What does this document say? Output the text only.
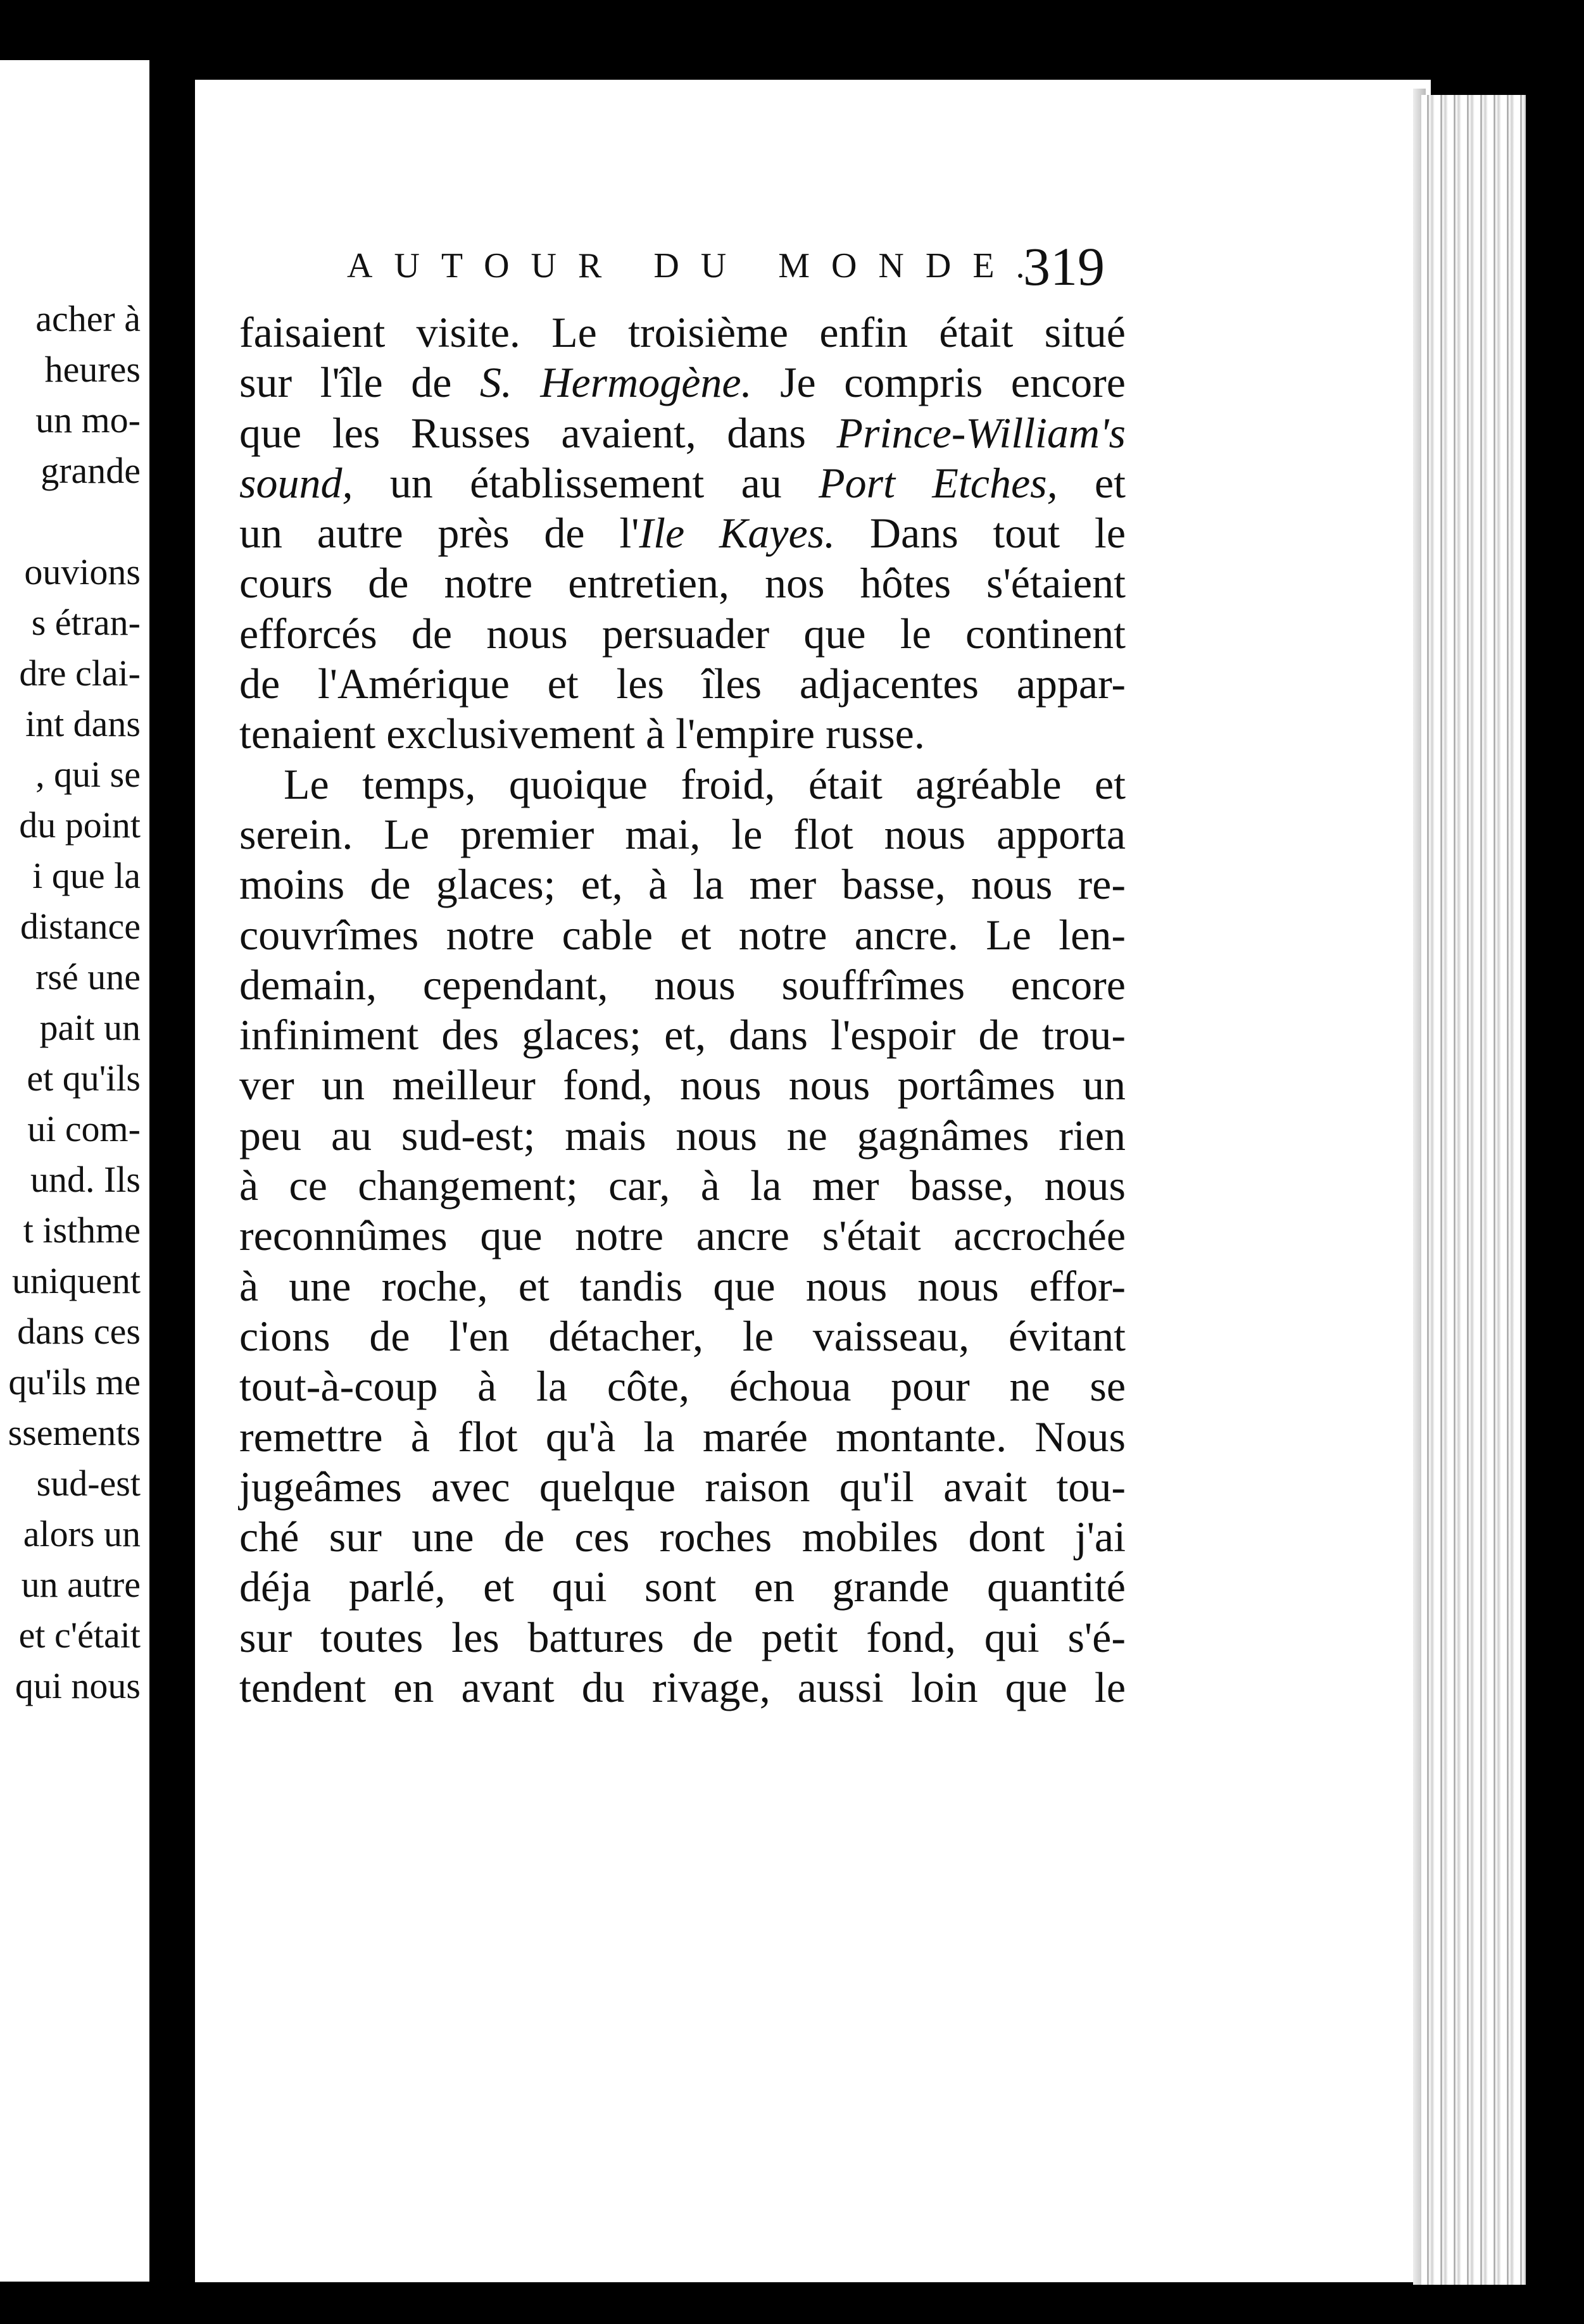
acher à
heures
un mo-
grande
ouvions
s étran-
dre clai-
int dans
, qui se
du point
i que la
distance
rsé une
pait un
et qu'ils
ui com-
und. Ils
t isthme
uniquent
dans ces
qu'ils me
ssements
sud-est
alors un
un autre
et c'était
qui nous
AUTOUR DU MONDE.
319
faisaient visite. Le troisième enfin était situé
sur l'île de S. Hermogène. Je compris encore
que les Russes avaient, dans Prince-William's
sound, un établissement au Port Etches, et
un autre près de l'Ile Kayes. Dans tout le
cours de notre entretien, nos hôtes s'étaient
efforcés de nous persuader que le continent
de l'Amérique et les îles adjacentes appar-
tenaient exclusivement à l'empire russe.
Le temps, quoique froid, était agréable et
serein. Le premier mai, le flot nous apporta
moins de glaces; et, à la mer basse, nous re-
couvrîmes notre cable et notre ancre. Le len-
demain, cependant, nous souffrîmes encore
infiniment des glaces; et, dans l'espoir de trou-
ver un meilleur fond, nous nous portâmes un
peu au sud-est; mais nous ne gagnâmes rien
à ce changement; car, à la mer basse, nous
reconnûmes que notre ancre s'était accrochée
à une roche, et tandis que nous nous effor-
cions de l'en détacher, le vaisseau, évitant
tout-à-coup à la côte, échoua pour ne se
remettre à flot qu'à la marée montante. Nous
jugeâmes avec quelque raison qu'il avait tou-
ché sur une de ces roches mobiles dont j'ai
déja parlé, et qui sont en grande quantité
sur toutes les battures de petit fond, qui s'é-
tendent en avant du rivage, aussi loin que le
